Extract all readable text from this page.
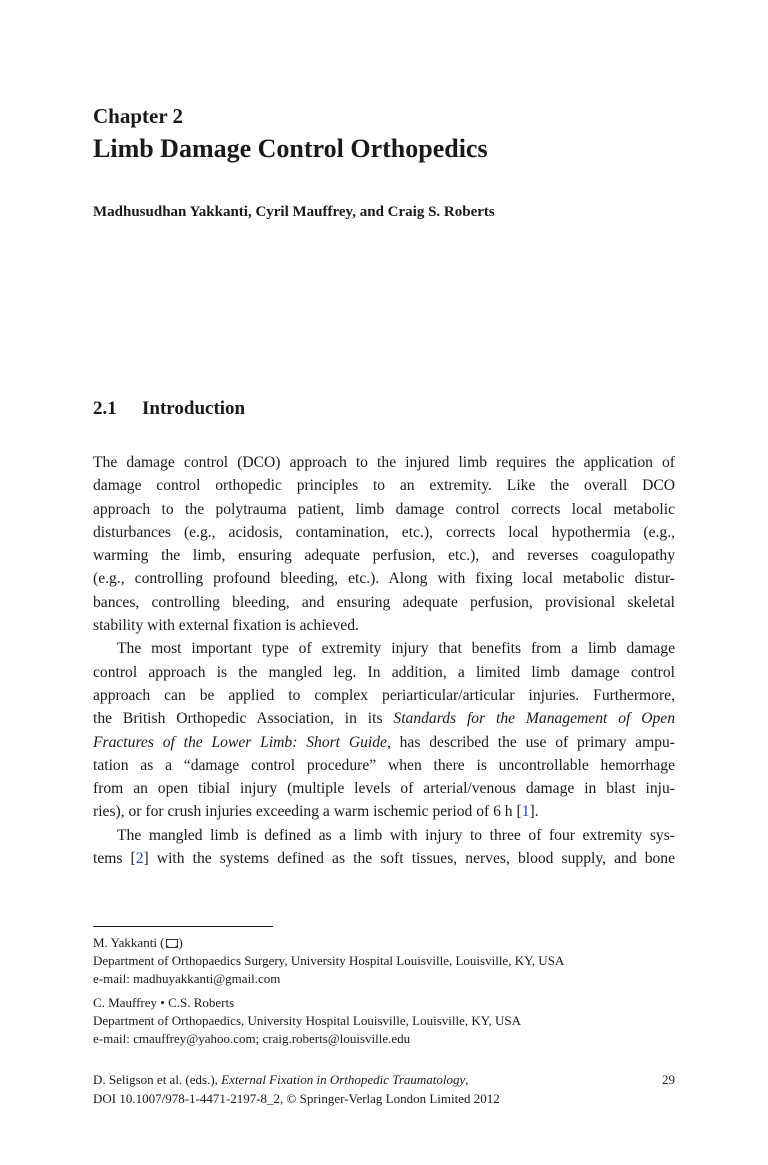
Chapter 2
Limb Damage Control Orthopedics
Madhusudhan Yakkanti, Cyril Mauffrey, and Craig S. Roberts
2.1 Introduction
The damage control (DCO) approach to the injured limb requires the application of
damage control orthopedic principles to an extremity. Like the overall DCO
approach to the polytrauma patient, limb damage control corrects local metabolic
disturbances (e.g., acidosis, contamination, etc.), corrects local hypothermia (e.g.,
warming the limb, ensuring adequate perfusion, etc.), and reverses coagulopathy
(e.g., controlling profound bleeding, etc.). Along with fixing local metabolic distur-
bances, controlling bleeding, and ensuring adequate perfusion, provisional skeletal
stability with external fixation is achieved.
The most important type of extremity injury that benefits from a limb damage
control approach is the mangled leg. In addition, a limited limb damage control
approach can be applied to complex periarticular/articular injuries. Furthermore,
the British Orthopedic Association, in its Standards for the Management of Open
Fractures of the Lower Limb: Short Guide, has described the use of primary ampu-
tation as a “damage control procedure” when there is uncontrollable hemorrhage
from an open tibial injury (multiple levels of arterial/venous damage in blast inju-
ries), or for crush injuries exceeding a warm ischemic period of 6 h [1].
The mangled limb is defined as a limb with injury to three of four extremity sys-
tems [2] with the systems defined as the soft tissues, nerves, blood supply, and bone
M. Yakkanti ( )
Department of Orthopaedics Surgery, University Hospital Louisville, Louisville, KY, USA
e-mail: madhuyakkanti@gmail.com
C. Mauffrey • C.S. Roberts
Department of Orthopaedics, University Hospital Louisville, Louisville, KY, USA
e-mail: cmauffrey@yahoo.com; craig.roberts@louisville.edu
D. Seligson et al. (eds.), External Fixation in Orthopedic Traumatology,
DOI 10.1007/978-1-4471-2197-8_2, © Springer-Verlag London Limited 2012
29
